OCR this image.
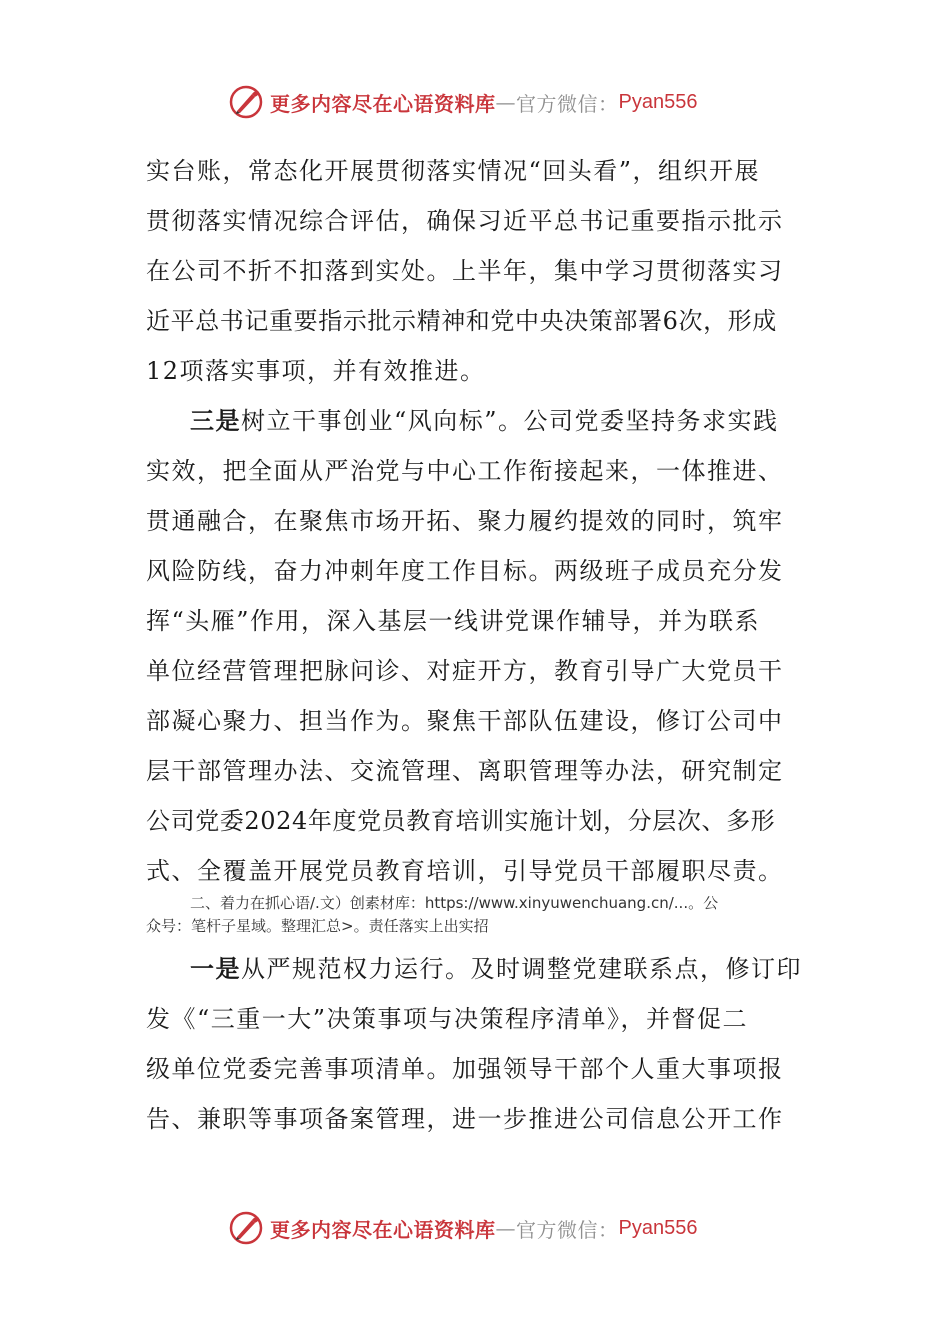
更多内容尽在心语资料库 — 官方微信： Pyan556
实台账，常态化开展贯彻落实情况“回头看”，组织开展
贯彻落实情况综合评估，确保习近平总书记重要指示批示
在公司不折不扣落到实处。上半年，集中学习贯彻落实习
近平总书记重要指示批示精神和党中央决策部署6次，形成
12项落实事项，并有效推进。
三是树立干事创业“风向标”。公司党委坚持务求实践
实效，把全面从严治党与中心工作衔接起来，一体推进、
贯通融合，在聚焦市场开拓、聚力履约提效的同时，筑牢
风险防线，奋力冲刺年度工作目标。两级班子成员充分发
挥“头雁”作用，深入基层一线讲党课作辅导，并为联系
单位经营管理把脉问诊、对症开方，教育引导广大党员干
部凝心聚力、担当作为。聚焦干部队伍建设，修订公司中
层干部管理办法、交流管理、离职管理等办法，研究制定
公司党委2024年度党员教育培训实施计划，分层次、多形
式、全覆盖开展党员教育培训，引导党员干部履职尽责。
二、着力在抓心语/.文）创素材库：https://www.xinyuwenchuang.cn/...。公
众号：笔杆子星域。整理汇总>。责任落实上出实招
一是从严规范权力运行。及时调整党建联系点，修订印
发《“三重一大”决策事项与决策程序清单》，并督促二
级单位党委完善事项清单。加强领导干部个人重大事项报
告、兼职等事项备案管理，进一步推进公司信息公开工作
更多内容尽在心语资料库 — 官方微信： Pyan556
